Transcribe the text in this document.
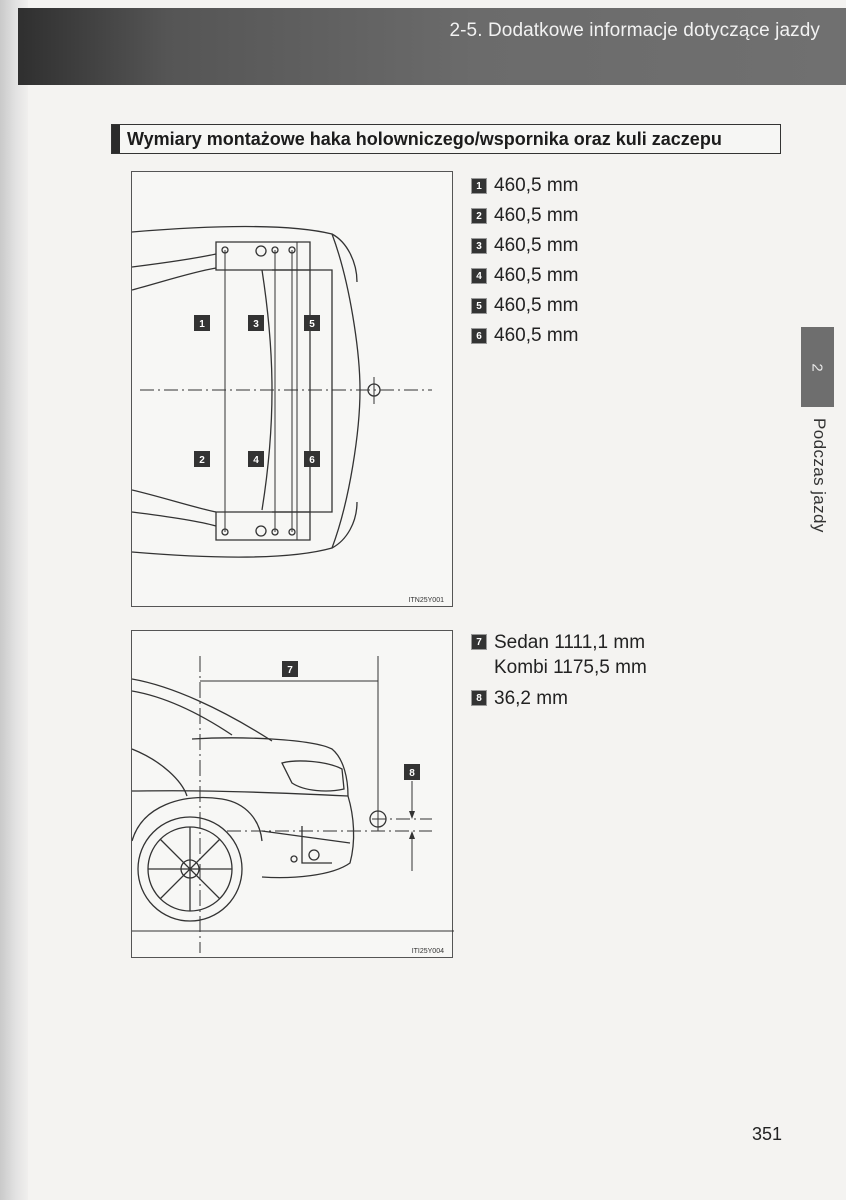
2-5. Dodatkowe informacje dotyczące jazdy
Wymiary montażowe haka holowniczego/wspornika oraz kuli zaczepu
1	3	5
2	4	6
ITN25Y001
7
8
ITI25Y004
1 460,5 mm
2 460,5 mm
3 460,5 mm
4 460,5 mm
5 460,5 mm
6 460,5 mm
7 Sedan 1111,1 mm
Kombi 1175,5 mm
8 36,2 mm
2
Podczas jazdy
351
